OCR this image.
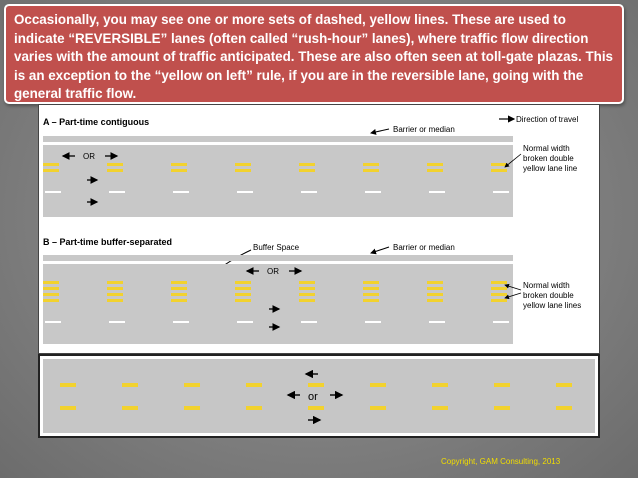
Occasionally, you may see one or more sets of dashed, yellow lines. These are used to indicate “REVERSIBLE” lanes (often called “rush-hour” lanes), where traffic flow direction varies with the amount of traffic anticipated. These are also often seen at toll-gate plazas. This is an exception to the “yellow on left” rule, if you are in the reversible lane, going with the general traffic flow.

A – Part-time contiguous
Barrier or median
Direction of travel
OR
Normal width
broken double
yellow lane line
B – Part-time buffer-separated
Buffer Space	Barrier or median
OR
Normal width
broken double
yellow lane lines
or
Copyright, GAM Consulting, 2013
